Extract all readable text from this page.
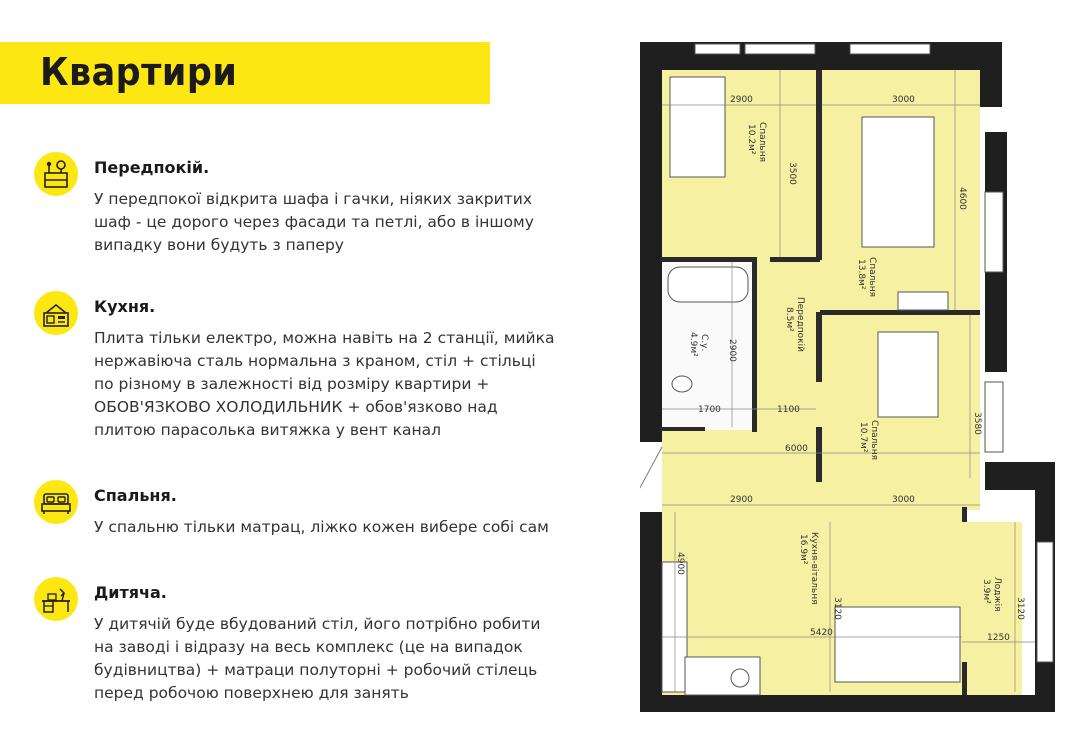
Квартири
Передпокій.
У передпокої відкрита шафа і гачки, ніяких закритих
шаф - це дорого через фасади та петлі, або в іншому
випадку вони будуть з паперу
Кухня.
Плита тільки електро, можна навіть на 2 станції, мийка
нержавіюча сталь нормальна з краном, стіл + стільці
по різному в залежності від розміру квартири +
ОБОВ'ЯЗКОВО ХОЛОДИЛЬНИК + обов'язково над
плитою парасолька витяжка у вент канал
Спальня.
У спальню тільки матрац, ліжко кожен вибере собі сам
Дитяча.
У дитячій буде вбудований стіл, його потрібно робити
на заводі і відразу на весь комплекс (це на випадок
будівництва) + матраци полуторні + робочий стілець
перед робочою поверхнею для занять
2900	3000
3500
4600
2900
1700	1100
3580
6000
2900	3000
4900
3120
5420	1250
3120
Спальня
10.2м²
Спальня
13.8м²
Передпокій
8.5м²
С.у.
4.9м²
Спальня
10.7м²
Кухня-вітальня
16.9м²
Лоджія
3.9м²
